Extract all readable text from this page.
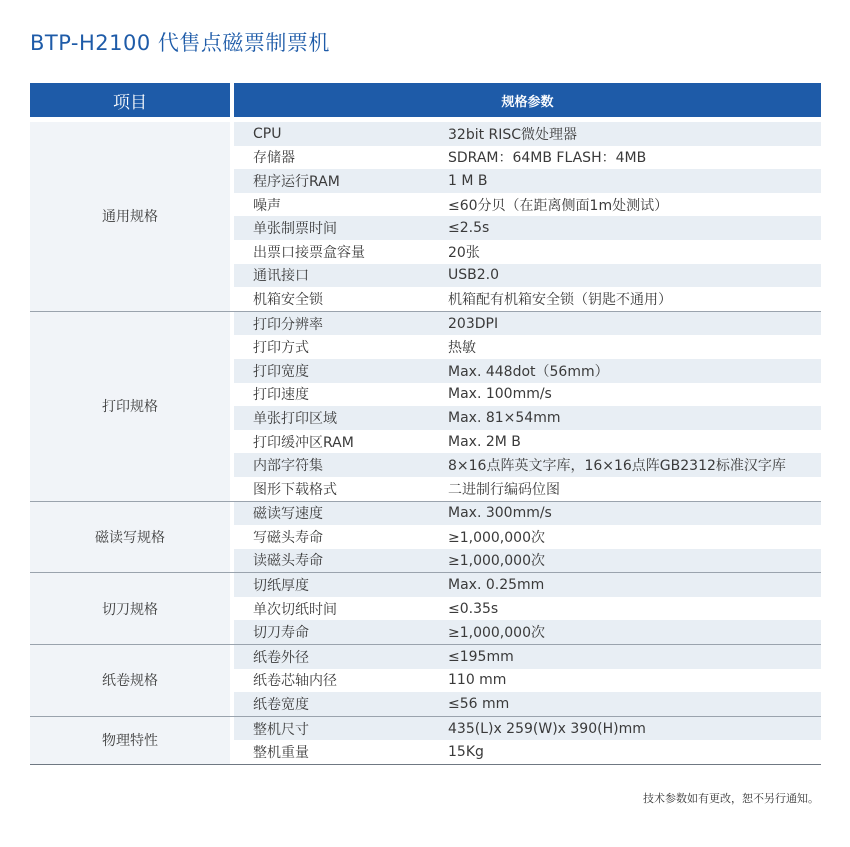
BTP-H2100 代售点磁票制票机
项目	规格参数
通用规格
CPU	32bit RISC微处理器
存储器	SDRAM：64MB FLASH：4MB
程序运行RAM	1 M B
噪声	≤60分贝（在距离侧面1m处测试）
单张制票时间	≤2.5s
出票口接票盒容量	20张
通讯接口	USB2.0
机箱安全锁	机箱配有机箱安全锁（钥匙不通用）
打印规格
打印分辨率	203DPI
打印方式	热敏
打印宽度	Max. 448dot（56mm）
打印速度	Max. 100mm/s
单张打印区域	Max. 81×54mm
打印缓冲区RAM	Max. 2M B
内部字符集	8×16点阵英文字库，16×16点阵GB2312标准汉字库
图形下载格式	二进制行编码位图
磁读写规格
磁读写速度	Max. 300mm/s
写磁头寿命	≥1,000,000次
读磁头寿命	≥1,000,000次
切刀规格
切纸厚度	Max. 0.25mm
单次切纸时间	≤0.35s
切刀寿命	≥1,000,000次
纸卷规格
纸卷外径	≤195mm
纸卷芯轴内径	110 mm
纸卷宽度	≤56 mm
物理特性
整机尺寸	435(L)x 259(W)x 390(H)mm
整机重量	15Kg
技术参数如有更改，恕不另行通知。
